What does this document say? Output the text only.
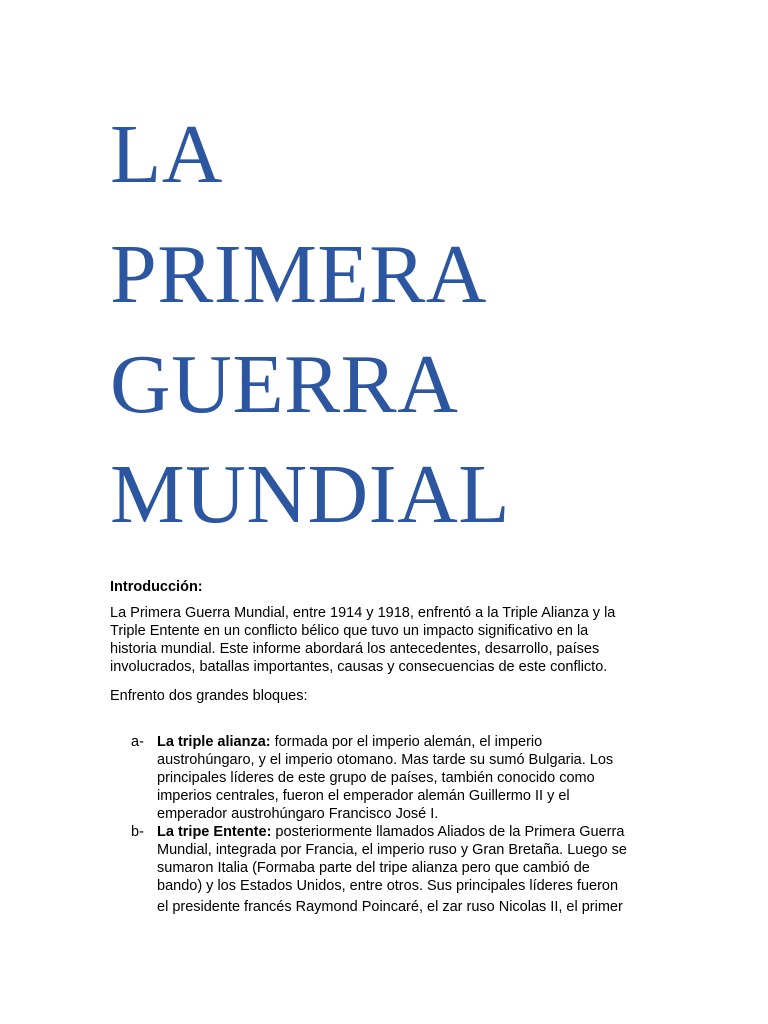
LA
PRIMERA
GUERRA
MUNDIAL
Introducción:
La Primera Guerra Mundial, entre 1914 y 1918, enfrentó a la Triple Alianza y la
Triple Entente en un conflicto bélico que tuvo un impacto significativo en la
historia mundial. Este informe abordará los antecedentes, desarrollo, países
involucrados, batallas importantes, causas y consecuencias de este conflicto.
Enfrento dos grandes bloques:
a- La triple alianza: formada por el imperio alemán, el imperio
austrohúngaro, y el imperio otomano. Mas tarde su sumó Bulgaria. Los
principales líderes de este grupo de países, también conocido como
imperios centrales, fueron el emperador alemán Guillermo II y el
emperador austrohúngaro Francisco José I.
b- La tripe Entente: posteriormente llamados Aliados de la Primera Guerra
Mundial, integrada por Francia, el imperio ruso y Gran Bretaña. Luego se
sumaron Italia (Formaba parte del tripe alianza pero que cambió de
bando) y los Estados Unidos, entre otros. Sus principales líderes fueron
el presidente francés Raymond Poincaré, el zar ruso Nicolas II, el primer
